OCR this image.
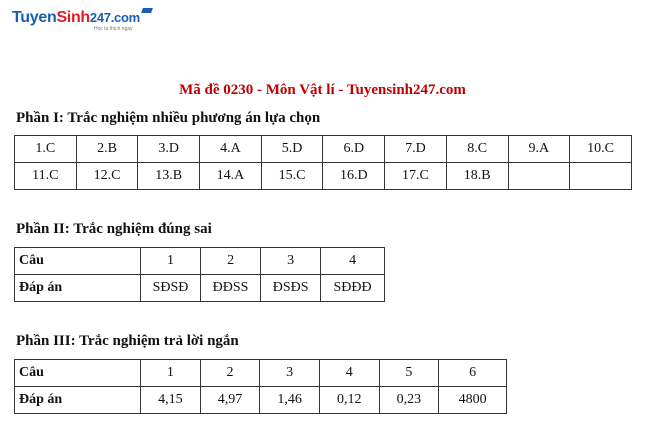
TuyenSinh247.com
Học là thích ngay
Mã đề 0230 - Môn Vật lí - Tuyensinh247.com
Phần I: Trắc nghiệm nhiều phương án lựa chọn
1.C	2.B	3.D	4.A	5.D	6.D	7.D	8.C	9.A	10.C
11.C	12.C	13.B	14.A	15.C	16.D	17.C	18.B		
Phần II: Trắc nghiệm đúng sai
Câu	1	2	3	4
Đáp án	SĐSĐ	ĐĐSS	ĐSĐS	SĐĐĐ
Phần III: Trắc nghiệm trả lời ngắn
Câu	1	2	3	4	5	6
Đáp án	4,15	4,97	1,46	0,12	0,23	4800
